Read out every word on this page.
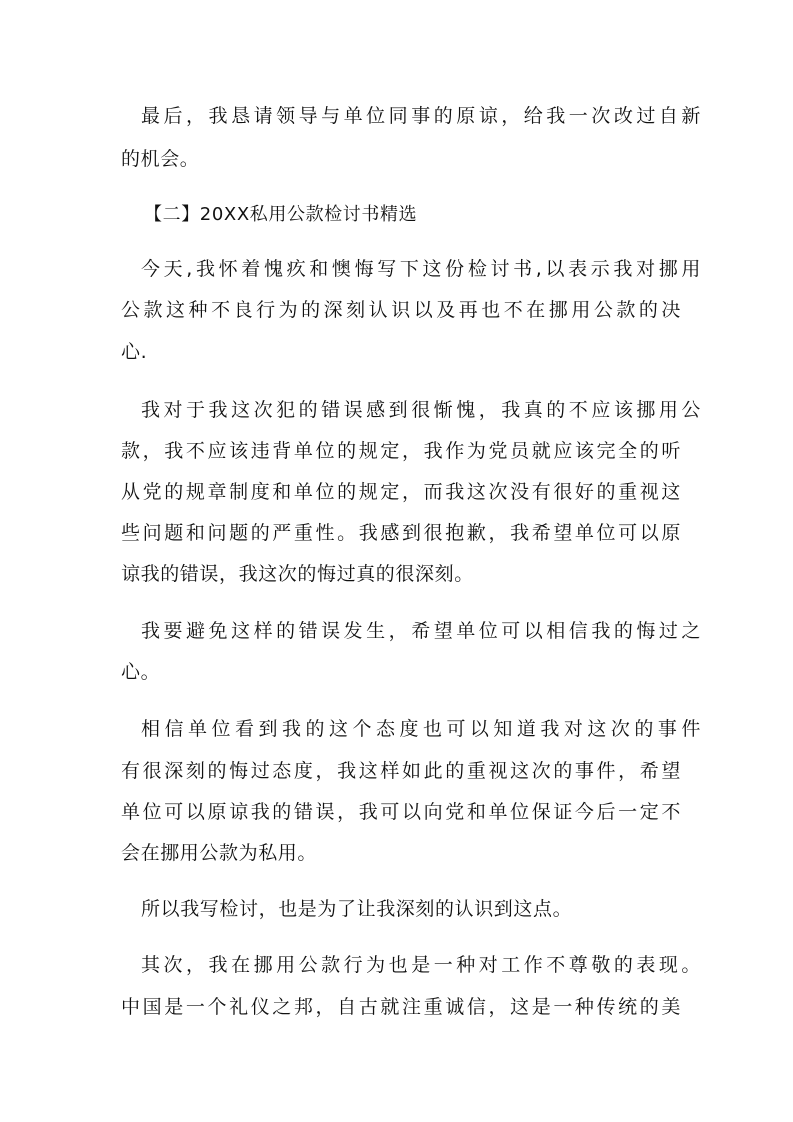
最后，我恳请领导与单位同事的原谅，给我一次改过自新
的机会。
【二】20XX私用公款检讨书精选
今天,我怀着愧疚和懊悔写下这份检讨书,以表示我对挪用
公款这种不良行为的深刻认识以及再也不在挪用公款的决
心.
我对于我这次犯的错误感到很惭愧，我真的不应该挪用公
款，我不应该违背单位的规定，我作为党员就应该完全的听
从党的规章制度和单位的规定，而我这次没有很好的重视这
些问题和问题的严重性。我感到很抱歉，我希望单位可以原
谅我的错误，我这次的悔过真的很深刻。
我要避免这样的错误发生，希望单位可以相信我的悔过之
心。
相信单位看到我的这个态度也可以知道我对这次的事件
有很深刻的悔过态度，我这样如此的重视这次的事件，希望
单位可以原谅我的错误，我可以向党和单位保证今后一定不
会在挪用公款为私用。
所以我写检讨，也是为了让我深刻的认识到这点。
其次，我在挪用公款行为也是一种对工作不尊敬的表现。
中国是一个礼仪之邦，自古就注重诚信，这是一种传统的美
